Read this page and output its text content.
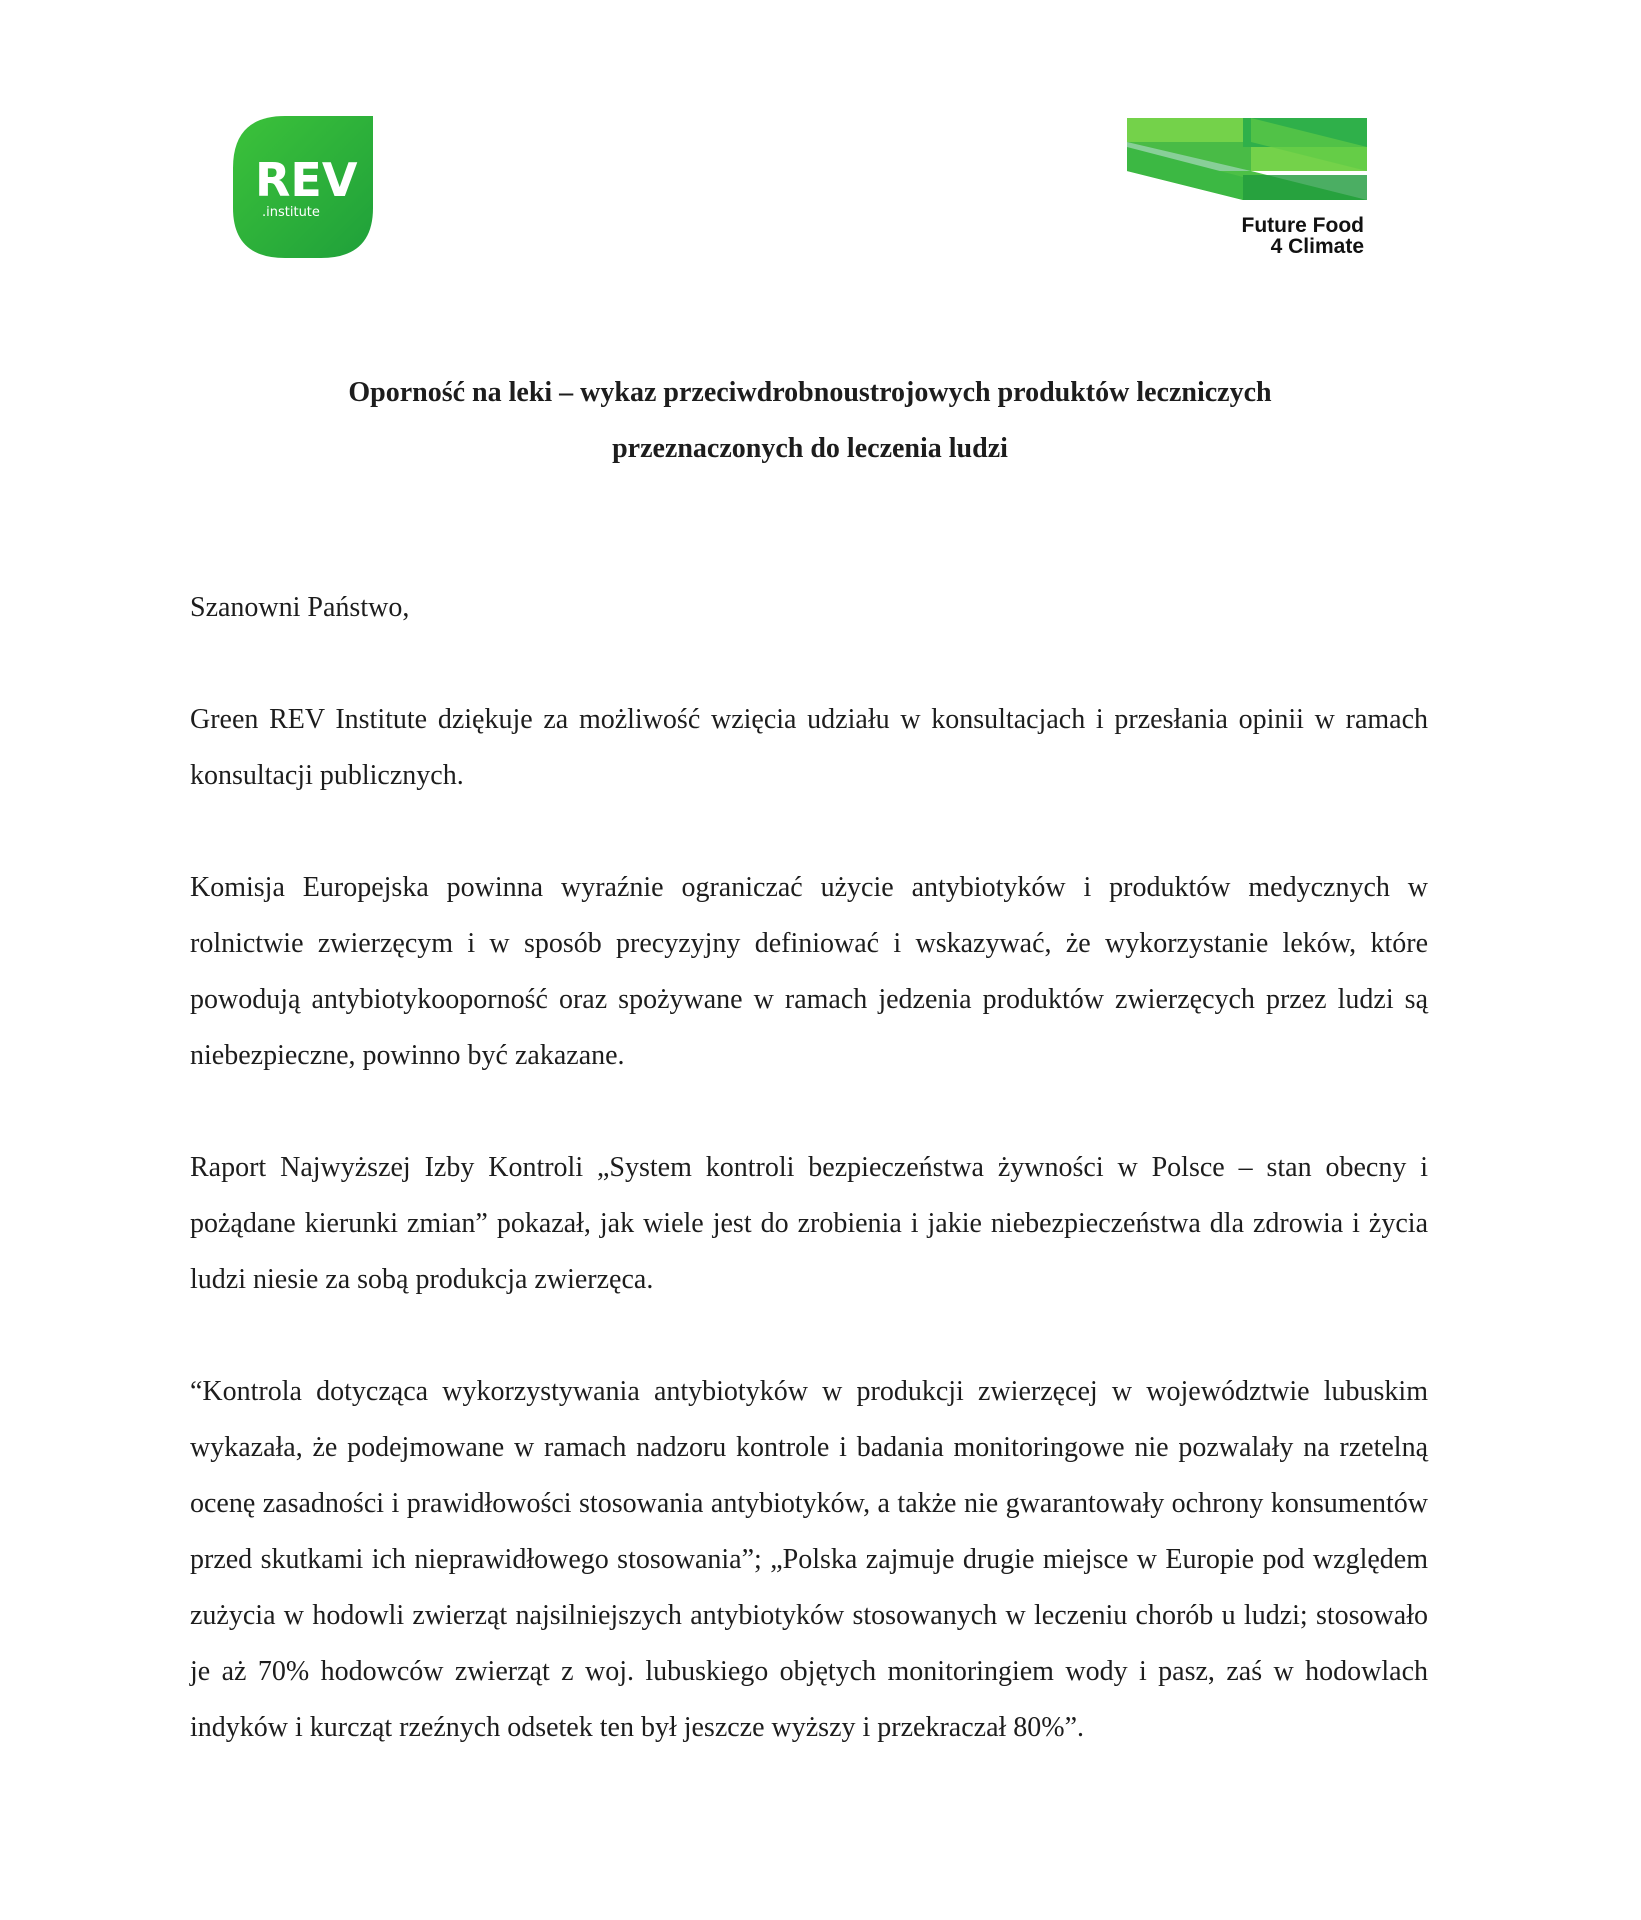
REV
.institute
Future Food
4 Climate
Oporność na leki – wykaz przeciwdrobnoustrojowych produktów leczniczych
przeznaczonych do leczenia ludzi

Szanowni Państwo,

Green REV Institute dziękuje za możliwość wzięcia udziału w konsultacjach i przesłania opinii w ramach konsultacji publicznych.

Komisja Europejska powinna wyraźnie ograniczać użycie antybiotyków i produktów medycznych w rolnictwie zwierzęcym i w sposób precyzyjny definiować i wskazywać, że wykorzystanie leków, które powodują antybiotykooporność oraz spożywane w ramach jedzenia produktów zwierzęcych przez ludzi są niebezpieczne, powinno być zakazane.

Raport Najwyższej Izby Kontroli „System kontroli bezpieczeństwa żywności w Polsce – stan obecny i pożądane kierunki zmian” pokazał, jak wiele jest do zrobienia i jakie niebezpieczeństwa dla zdrowia i życia ludzi niesie za sobą produkcja zwierzęca.

“Kontrola dotycząca wykorzystywania antybiotyków w produkcji zwierzęcej w województwie lubuskim wykazała, że podejmowane w ramach nadzoru kontrole i badania monitoringowe nie pozwalały na rzetelną ocenę zasadności i prawidłowości stosowania antybiotyków, a także nie gwarantowały ochrony konsumentów przed skutkami ich nieprawidłowego stosowania”; „Polska zajmuje drugie miejsce w Europie pod względem zużycia w hodowli zwierząt najsilniejszych antybiotyków stosowanych w leczeniu chorób u ludzi; stosowało je aż 70% hodowców zwierząt z woj. lubuskiego objętych monitoringiem wody i pasz, zaś w hodowlach indyków i kurcząt rzeźnych odsetek ten był jeszcze wyższy i przekraczał 80%”.
